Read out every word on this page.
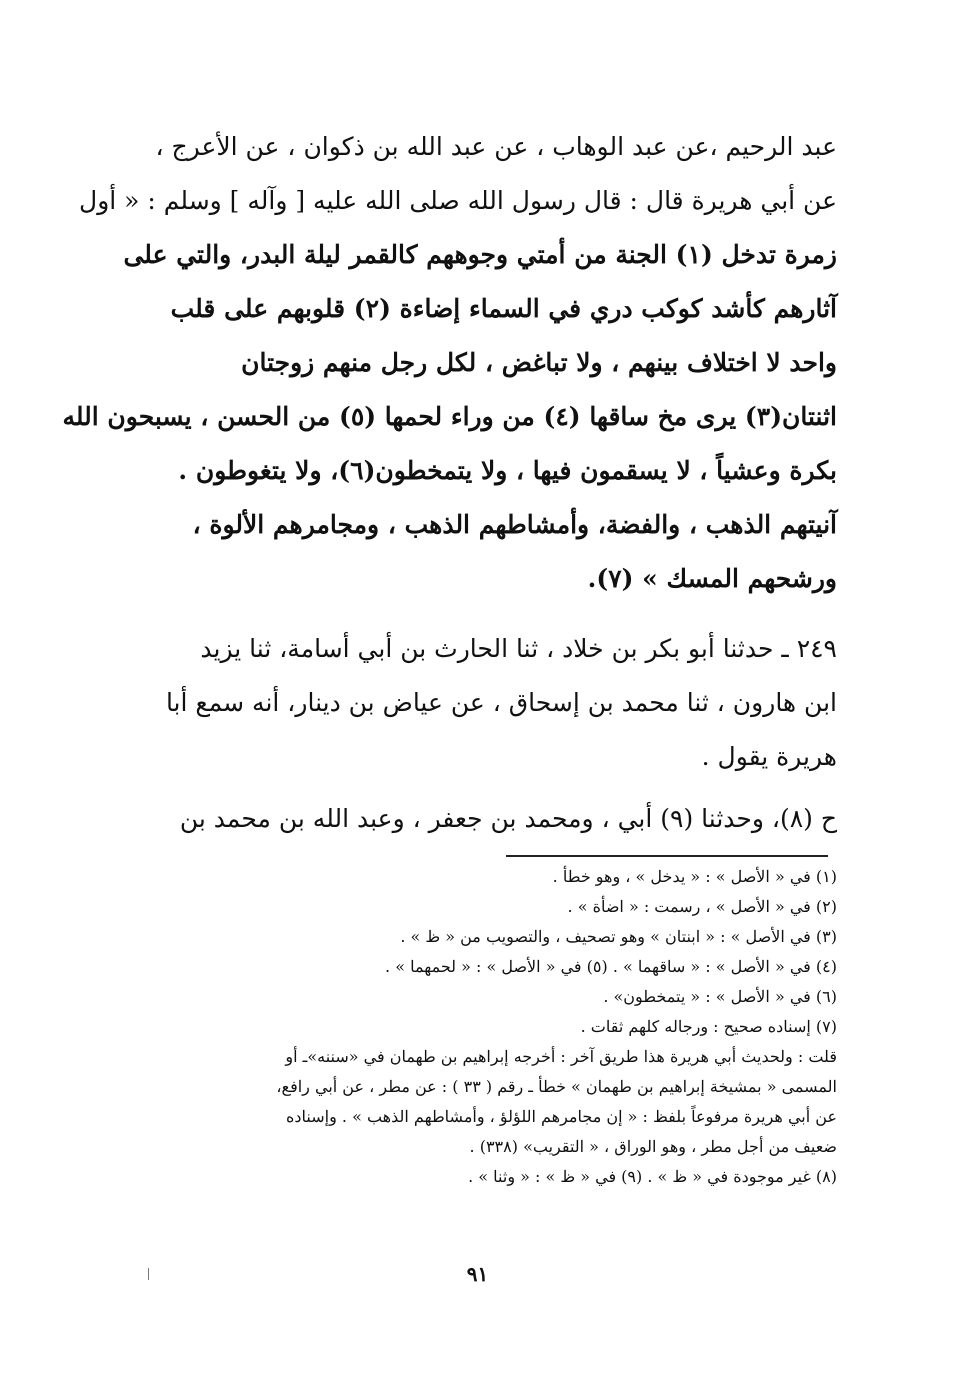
عبد الرحيم ،عن عبد الوهاب ، عن عبد الله بن ذكوان ، عن الأعرج ،
عن أبي هريرة قال : قال رسول الله صلى الله عليه [ وآله ] وسلم : « أول
زمرة تدخل (١) الجنة من أمتي وجوههم كالقمر ليلة البدر، والتي على
آثارهم كأشد كوكب دري في السماء إضاءة (٢) قلوبهم على قلب
واحد لا اختلاف بينهم ، ولا تباغض ، لكل رجل منهم زوجتان
اثنتان(٣) يرى مخ ساقها (٤) من وراء لحمها (٥) من الحسن ، يسبحون الله
بكرة وعشياً ، لا يسقمون فيها ، ولا يتمخطون(٦)، ولا يتغوطون .
آنيتهم الذهب ، والفضة، وأمشاطهم الذهب ، ومجامرهم الألوة ،
ورشحهم المسك » (٧).
٢٤٩ ـ حدثنا أبو بكر بن خلاد ، ثنا الحارث بن أبي أسامة، ثنا يزيد
ابن هارون ، ثنا محمد بن إسحاق ، عن عياض بن دينار، أنه سمع أبا
هريرة يقول .
ح (٨)، وحدثنا (٩) أبي ، ومحمد بن جعفر ، وعبد الله بن محمد بن
(١) في « الأصل » : « يدخل » ، وهو خطأ .
(٢) في « الأصل » ، رسمت : « اضأة » .
(٣) في الأصل » : « ابنتان » وهو تصحيف ، والتصويب من « ظ » .
(٤) في « الأصل » : « ساقهما » . (٥) في « الأصل » : « لحمهما » .
(٦) في « الأصل » : « يتمخطون» .
(٧) إسناده صحيح : ورجاله كلهم ثقات .
قلت : ولحديث أبي هريرة هذا طريق آخر : أخرجه إبراهيم بن طهمان في «سننه»ـ أو
المسمى « بمشيخة إبراهيم بن طهمان » خطأ ـ رقم ( ٣٣ ) : عن مطر ، عن أبي رافع،
عن أبي هريرة مرفوعاً بلفظ : « إن مجامرهم اللؤلؤ ، وأمشاطهم الذهب » . وإسناده
ضعيف من أجل مطر ، وهو الوراق ، « التقريب» (٣٣٨) .
(٨) غير موجودة في « ظ » . (٩) في « ظ » : « وثنا » .
٩١
